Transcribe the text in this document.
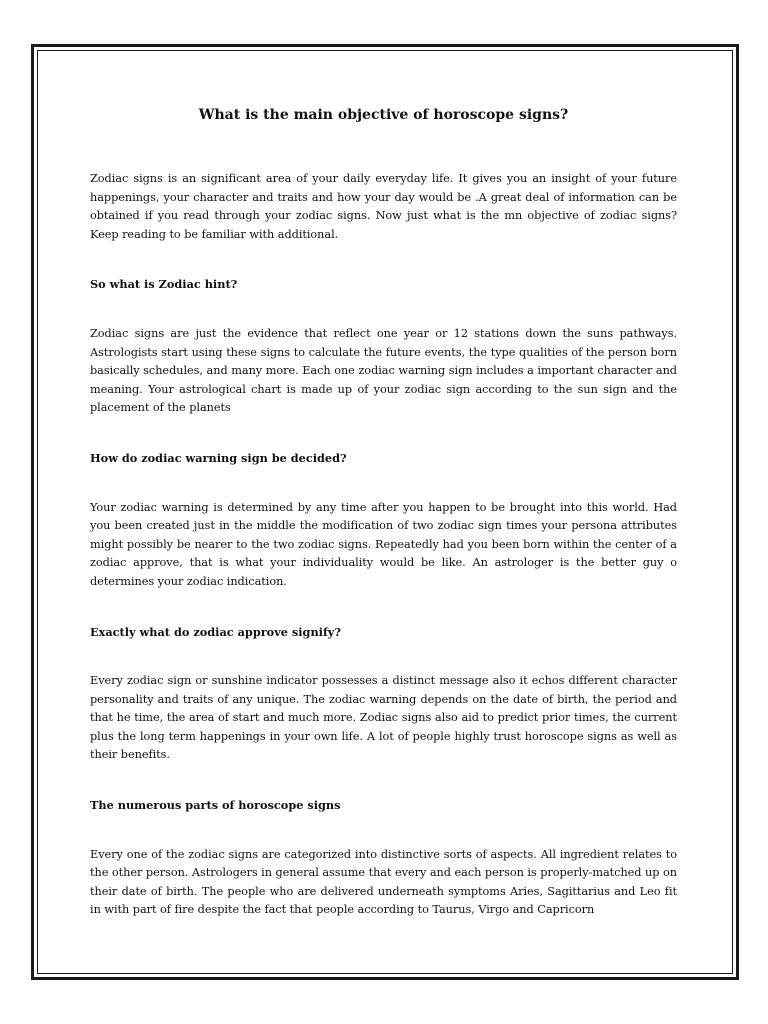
What is the main objective of horoscope signs?

Zodiac signs is an significant area of your daily everyday life. It gives you an insight of your future happenings, your character and traits and how your day would be .A great deal of information can be obtained if you read through your zodiac signs. Now just what is the mn objective of zodiac signs? Keep reading to be familiar with additional.

So what is Zodiac hint?

Zodiac signs are just the evidence that reflect one year or 12 stations down the suns pathways. Astrologists start using these signs to calculate the future events, the type qualities of the person born basically schedules, and many more. Each one zodiac warning sign includes a important character and meaning. Your astrological chart is made up of your zodiac sign according to the sun sign and the placement of the planets

How do zodiac warning sign be decided?

Your zodiac warning is determined by any time after you happen to be brought into this world. Had you been created just in the middle the modification of two zodiac sign times your persona attributes might possibly be nearer to the two zodiac signs. Repeatedly had you been born within the center of a zodiac approve, that is what your individuality would be like. An astrologer is the better guy o determines your zodiac indication.

Exactly what do zodiac approve signify?

Every zodiac sign or sunshine indicator possesses a distinct message also it echos different character personality and traits of any unique. The zodiac warning depends on the date of birth, the period and that he time, the area of start and much more. Zodiac signs also aid to predict prior times, the current plus the long term happenings in your own life. A lot of people highly trust horoscope signs as well as their benefits.

The numerous parts of horoscope signs

Every one of the zodiac signs are categorized into distinctive sorts of aspects. All ingredient relates to the other person. Astrologers in general assume that every and each person is properly-matched up on their date of birth. The people who are delivered underneath symptoms Aries, Sagittarius and Leo fit in with part of fire despite the fact that people according to Taurus, Virgo and Capricorn
